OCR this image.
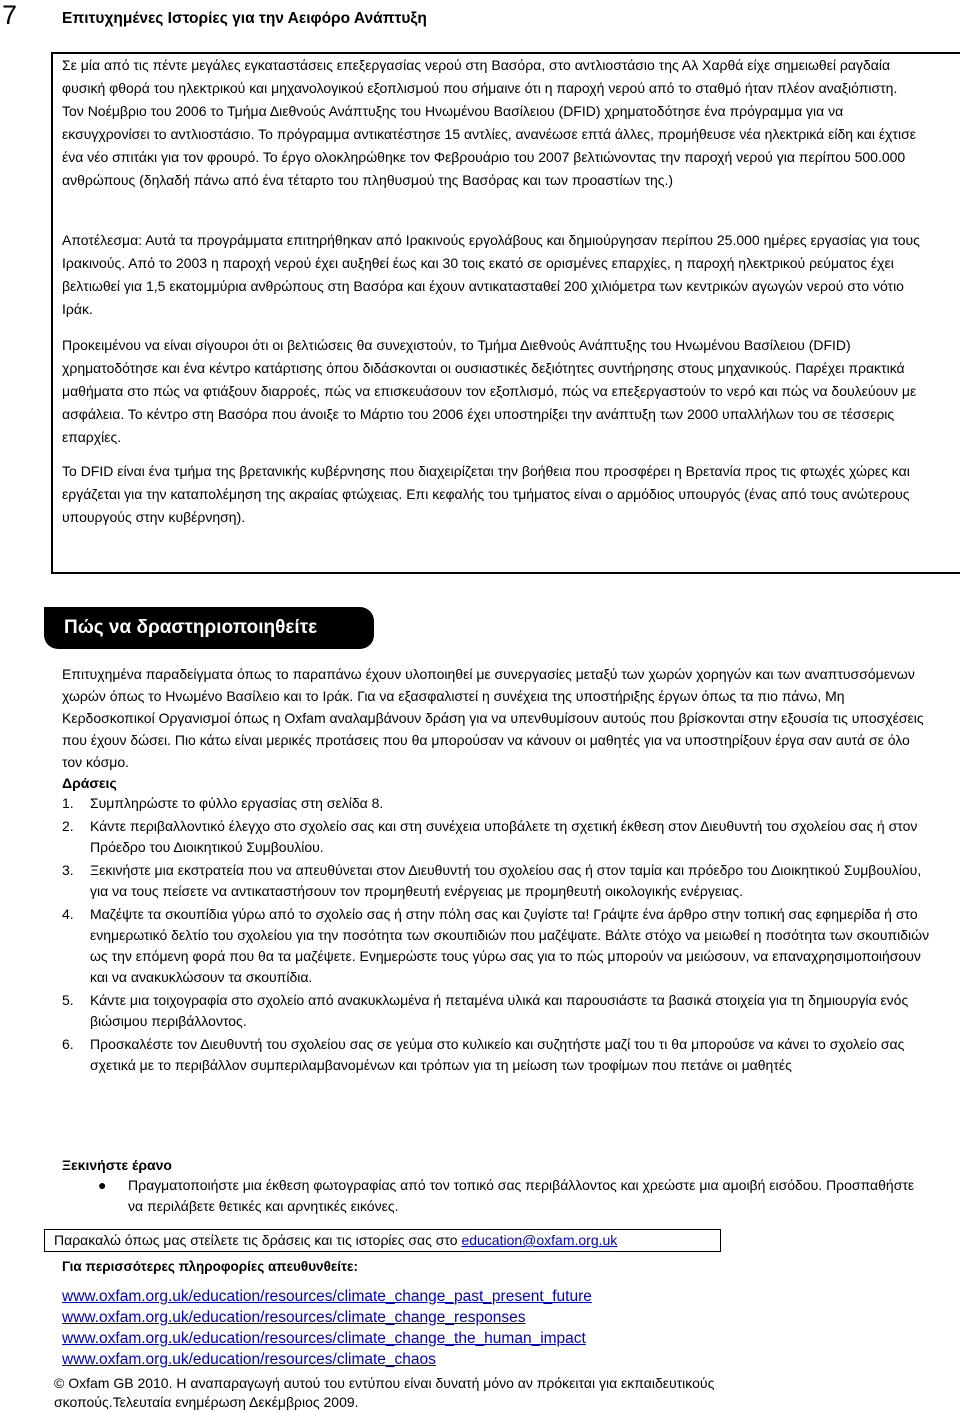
7	Επιτυχημένες Ιστορίες για την Αειφόρο Ανάπτυξη
Σε μία από τις πέντε μεγάλες εγκαταστάσεις επεξεργασίας νερού στη Βασόρα, στο αντλιοστάσιο της Αλ Χαρθά είχε σημειωθεί ραγδαία φυσική φθορά του ηλεκτρικού και μηχανολογικού εξοπλισμού που σήμαινε ότι η παροχή νερού από το σταθμό ήταν πλέον αναξιόπιστη. Τον Νοέμβριο του 2006 το Τμήμα Διεθνούς Ανάπτυξης του Ηνωμένου Βασίλειου (DFID) χρηματοδότησε ένα πρόγραμμα για να εκσυγχρονίσει το αντλιοστάσιο. Το πρόγραμμα αντικατέστησε 15 αντλίες, ανανέωσε επτά άλλες, προμήθευσε νέα ηλεκτρικά είδη και έχτισε ένα νέο σπιτάκι για τον φρουρό. Το έργο ολοκληρώθηκε τον Φεβρουάριο του 2007 βελτιώνοντας την παροχή νερού για περίπου 500.000 ανθρώπους (δηλαδή πάνω από ένα τέταρτο του πληθυσμού της Βασόρας και των προαστίων της.)
Αποτέλεσμα: Αυτά τα προγράμματα επιτηρήθηκαν από Ιρακινούς εργολάβους και δημιούργησαν περίπου 25.000 ημέρες εργασίας για τους Ιρακινούς. Από το 2003 η παροχή νερού έχει αυξηθεί έως και 30 τοις εκατό σε ορισμένες επαρχίες, η παροχή ηλεκτρικού ρεύματος έχει βελτιωθεί για 1,5 εκατομμύρια ανθρώπους στη Βασόρα και έχουν αντικατασταθεί 200 χιλιόμετρα των κεντρικών αγωγών νερού στο νότιο Ιράκ.
Προκειμένου να είναι σίγουροι ότι οι βελτιώσεις θα συνεχιστούν, το Τμήμα Διεθνούς Ανάπτυξης του Ηνωμένου Βασίλειου (DFID) χρηματοδότησε και ένα κέντρο κατάρτισης όπου διδάσκονται οι ουσιαστικές δεξιότητες συντήρησης στους μηχανικούς. Παρέχει πρακτικά μαθήματα στο πώς να φτιάξουν διαρροές, πώς να επισκευάσουν τον εξοπλισμό, πώς να επεξεργαστούν το νερό και πώς να δουλεύουν με ασφάλεια. Το κέντρο στη Βασόρα που άνοιξε το Μάρτιο του 2006 έχει υποστηρίξει την ανάπτυξη των 2000 υπαλλήλων του σε τέσσερις επαρχίες.
Το DFID είναι ένα τμήμα της βρετανικής κυβέρνησης που διαχειρίζεται την βοήθεια που προσφέρει η Βρετανία προς τις φτωχές χώρες και εργάζεται για την καταπολέμηση της ακραίας φτώχειας. Επι κεφαλής του τμήματος είναι ο αρμόδιος υπουργός (ένας από τους ανώτερους υπουργούς στην κυβέρνηση).
Πώς να δραστηριοποιηθείτε
Επιτυχημένα παραδείγματα όπως το παραπάνω έχουν υλοποιηθεί με συνεργασίες μεταξύ των χωρών χορηγών και των αναπτυσσόμενων χωρών όπως το Ηνωμένο Βασίλειο και το Ιράκ. Για να εξασφαλιστεί η συνέχεια της υποστήριξης έργων όπως τα πιο πάνω, Μη Κερδοσκοπικοί Οργανισμοί όπως η Oxfam αναλαμβάνουν δράση για να υπενθυμίσουν αυτούς που βρίσκονται στην εξουσία τις υποσχέσεις που έχουν δώσει. Πιο κάτω είναι μερικές προτάσεις που θα μπορούσαν να κάνουν οι μαθητές για να υποστηρίξουν έργα σαν αυτά σε όλο τον κόσμο.
Δράσεις
1. Συμπληρώστε το φύλλο εργασίας στη σελίδα 8.
2. Κάντε περιβαλλοντικό έλεγχο στο σχολείο σας και στη συνέχεια υποβάλετε τη σχετική έκθεση στον Διευθυντή του σχολείου σας ή στον Πρόεδρο του Διοικητικού Συμβουλίου.
3. Ξεκινήστε μια εκστρατεία που να απευθύνεται στον Διευθυντή του σχολείου σας ή στον ταμία και πρόεδρο του Διοικητικού Συμβουλίου, για να τους πείσετε να αντικαταστήσουν τον προμηθευτή ενέργειας με προμηθευτή οικολογικής ενέργειας.
4. Μαζέψτε τα σκουπίδια γύρω από το σχολείο σας ή στην πόλη σας και ζυγίστε τα! Γράψτε ένα άρθρο στην τοπική σας εφημερίδα ή στο ενημερωτικό δελτίο του σχολείου για την ποσότητα των σκουπιδιών που μαζέψατε. Βάλτε στόχο να μειωθεί η ποσότητα των σκουπιδιών ως την επόμενη φορά που θα τα μαζέψετε. Ενημερώστε τους γύρω σας για το πώς μπορούν να μειώσουν, να επαναχρησιμοποιήσουν και να ανακυκλώσουν τα σκουπίδια.
5. Κάντε μια τοιχογραφία στο σχολείο από ανακυκλωμένα ή πεταμένα υλικά και παρουσιάστε τα βασικά στοιχεία για τη δημιουργία ενός βιώσιμου περιβάλλοντος.
6. Προσκαλέστε τον Διευθυντή του σχολείου σας σε γεύμα στο κυλικείο και συζητήστε μαζί του τι θα μπορούσε να κάνει το σχολείο σας σχετικά με το περιβάλλον συμπεριλαμβανομένων και τρόπων για τη μείωση των τροφίμων που πετάνε οι μαθητές
Ξεκινήστε έρανο
● Πραγματοποιήστε μια έκθεση φωτογραφίας από τον τοπικό σας περιβάλλοντος και χρεώστε μια αμοιβή εισόδου. Προσπαθήστε να περιλάβετε θετικές και αρνητικές εικόνες.
Παρακαλώ όπως μας στείλετε τις δράσεις και τις ιστορίες σας στο education@oxfam.org.uk
Για περισσότερες πληροφορίες απευθυνθείτε:
www.oxfam.org.uk/education/resources/climate_change_past_present_future
www.oxfam.org.uk/education/resources/climate_change_responses
www.oxfam.org.uk/education/resources/climate_change_the_human_impact
www.oxfam.org.uk/education/resources/climate_chaos
© Oxfam GB 2010. Η αναπαραγωγή αυτού του εντύπου είναι δυνατή μόνο αν πρόκειται για εκπαιδευτικούς σκοπούς.Τελευταία ενημέρωση Δεκέμβριος 2009.
